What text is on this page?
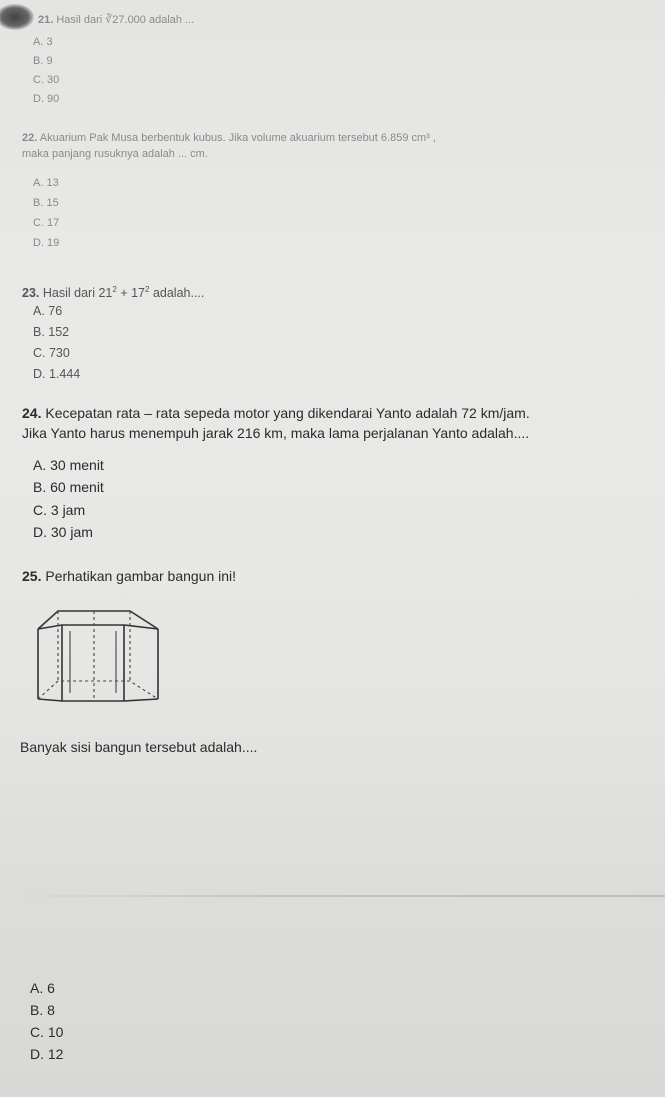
21. Hasil dari ∛27.000 adalah ...
A. 3
B. 9
C. 30
D. 90
22. Akuarium Pak Musa berbentuk kubus. Jika volume akuarium tersebut 6.859 cm³ ,
maka panjang rusuknya adalah ... cm.
A. 13
B. 15
C. 17
D. 19
23. Hasil dari $21^2 + 17^2$ adalah....
A. 76
B. 152
C. 730
D. 1.444
24. Kecepatan rata – rata sepeda motor yang dikendarai Yanto adalah 72 km/jam.
Jika Yanto harus menempuh jarak 216 km, maka lama perjalanan Yanto adalah....
A. 30 menit
B. 60 menit
C. 3 jam
D. 30 jam
25. Perhatikan gambar bangun ini!
Banyak sisi bangun tersebut adalah....
A. 6
B. 8
C. 10
D. 12
